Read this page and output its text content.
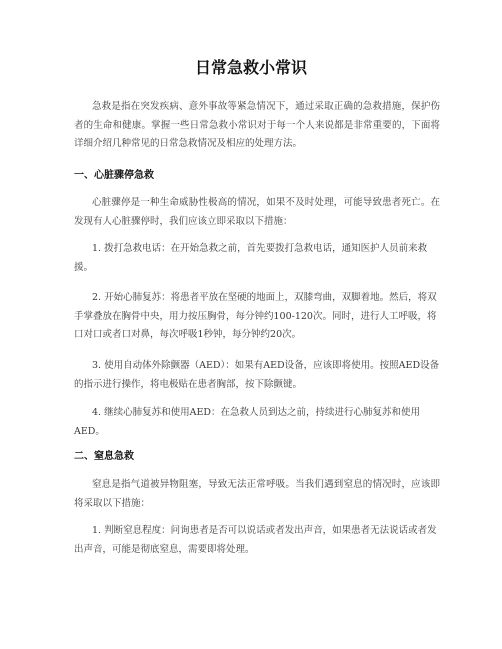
日常急救小常识

急救是指在突发疾病、意外事故等紧急情况下，通过采取正确的急救措施，保护伤者的生命和健康。掌握一些日常急救小常识对于每一个人来说都是非常重要的，下面将详细介绍几种常见的日常急救情况及相应的处理方法。

一、心脏骤停急救

心脏骤停是一种生命威胁性极高的情况，如果不及时处理，可能导致患者死亡。在发现有人心脏骤停时，我们应该立即采取以下措施：

1. 拨打急救电话：在开始急救之前，首先要拨打急救电话，通知医护人员前来救援。

2. 开始心肺复苏：将患者平放在坚硬的地面上，双膝弯曲，双脚着地。然后，将双手掌叠放在胸骨中央，用力按压胸骨，每分钟约100-120次。同时，进行人工呼吸，将口对口或者口对鼻，每次呼吸1秒钟，每分钟约20次。

3. 使用自动体外除颤器（AED）：如果有AED设备，应该即将使用。按照AED设备的指示进行操作，将电极贴在患者胸部，按下除颤键。

4. 继续心肺复苏和使用AED：在急救人员到达之前，持续进行心肺复苏和使用AED。

二、窒息急救

窒息是指气道被异物阻塞，导致无法正常呼吸。当我们遇到窒息的情况时，应该即将采取以下措施：

1. 判断窒息程度：问询患者是否可以说话或者发出声音，如果患者无法说话或者发出声音，可能是彻底窒息，需要即将处理。
